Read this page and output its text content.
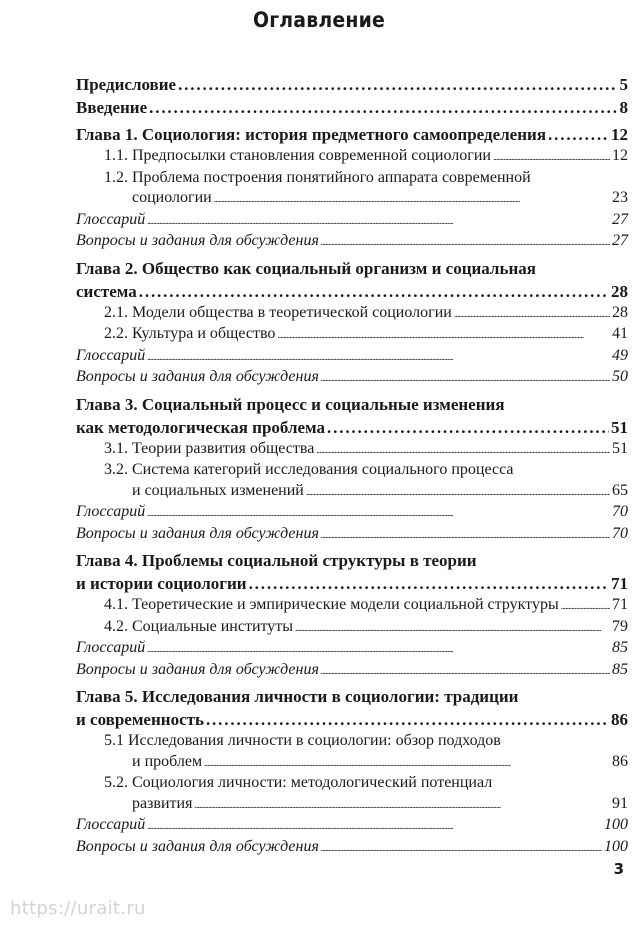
Оглавление
Предисловие . . .	5
Введение . . .	8
Глава 1. Социология: история предметного самоопределения . . .	12
1.1. Предпосылки становления современной социологии . . .	12
1.2. Проблема построения понятийного аппарата современной
социологии . . .	23
Глоссарий . . .	27
Вопросы и задания для обсуждения . . .	27
Глава 2. Общество как социальный организм и социальная
система . . .	28
2.1. Модели общества в теоретической социологии . . .	28
2.2. Культура и общество . . .	41
Глоссарий . . .	49
Вопросы и задания для обсуждения . . .	50
Глава 3. Социальный процесс и социальные изменения
как методологическая проблема . . .	51
3.1. Теории развития общества . . .	51
3.2. Система категорий исследования социального процесса
и социальных изменений . . .	65
Глоссарий . . .	70
Вопросы и задания для обсуждения . . .	70
Глава 4. Проблемы социальной структуры в теории
и истории социологии . . .	71
4.1. Теоретические и эмпирические модели социальной структуры . . .	71
4.2. Социальные институты . . .	79
Глоссарий . . .	85
Вопросы и задания для обсуждения . . .	85
Глава 5. Исследования личности в социологии: традиции
и современность . . .	86
5.1 Исследования личности в социологии: обзор подходов
и проблем . . .	86
5.2. Социология личности: методологический потенциал
развития . . .	91
Глоссарий . . .	100
Вопросы и задания для обсуждения . . .	100
3
https://urait.ru
